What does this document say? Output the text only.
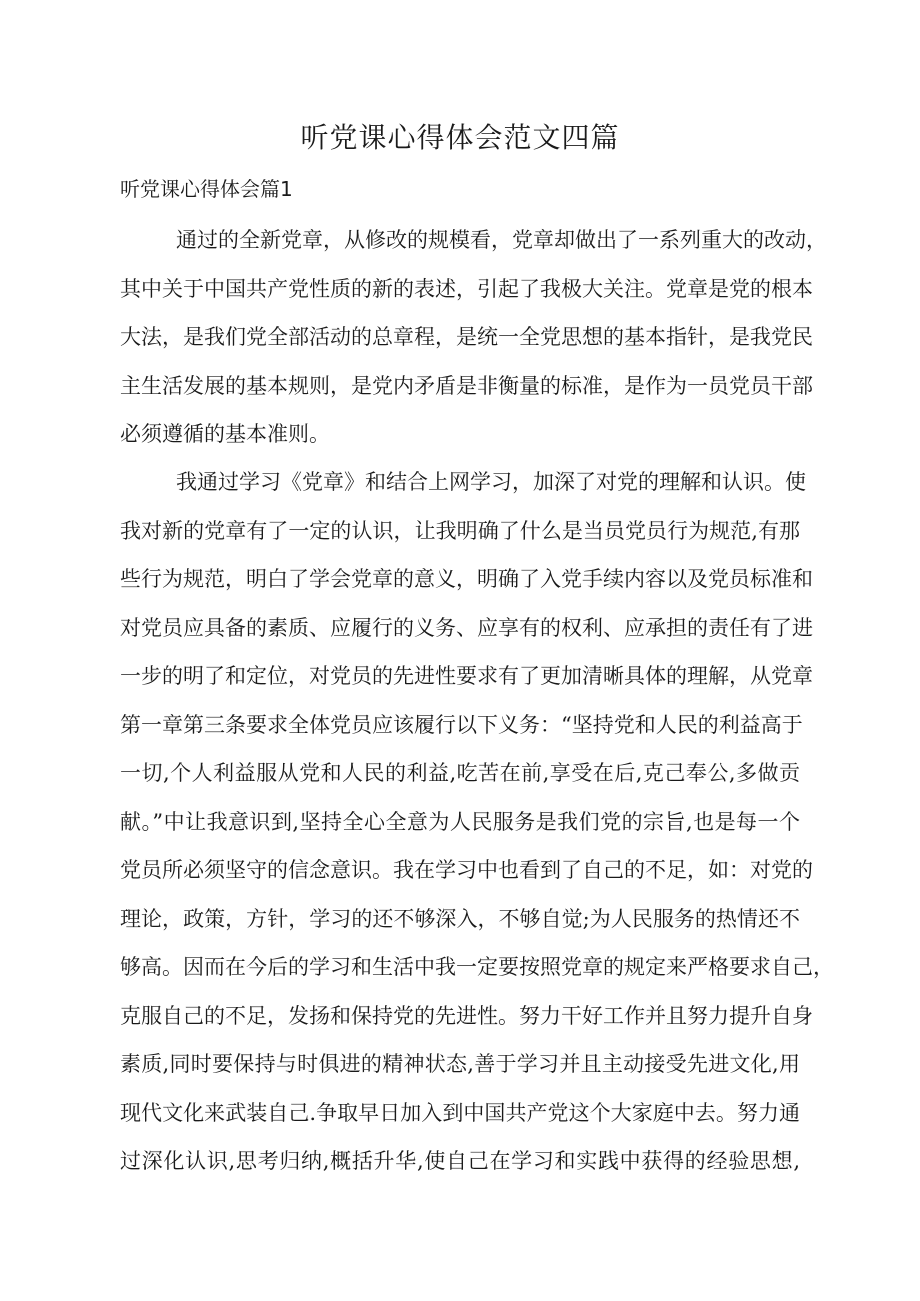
听党课心得体会范文四篇
听党课心得体会篇1
通过的全新党章，从修改的规模看，党章却做出了一系列重大的改动，
其中关于中国共产党性质的新的表述，引起了我极大关注。党章是党的根本
大法，是我们党全部活动的总章程，是统一全党思想的基本指针，是我党民
主生活发展的基本规则，是党内矛盾是非衡量的标准，是作为一员党员干部
必须遵循的基本准则。
我通过学习《党章》和结合上网学习，加深了对党的理解和认识。使
我对新的党章有了一定的认识，让我明确了什么是当员党员行为规范,有那
些行为规范，明白了学会党章的意义，明确了入党手续内容以及党员标准和
对党员应具备的素质、应履行的义务、应享有的权利、应承担的责任有了进
一步的明了和定位，对党员的先进性要求有了更加清晰具体的理解，从党章
第一章第三条要求全体党员应该履行以下义务：“坚持党和人民的利益高于
一切,个人利益服从党和人民的利益,吃苦在前,享受在后,克己奉公,多做贡
献。”中让我意识到,坚持全心全意为人民服务是我们党的宗旨,也是每一个
党员所必须坚守的信念意识。我在学习中也看到了自己的不足，如：对党的
理论，政策，方针，学习的还不够深入，不够自觉;为人民服务的热情还不
够高。因而在今后的学习和生活中我一定要按照党章的规定来严格要求自己，
克服自己的不足，发扬和保持党的先进性。努力干好工作并且努力提升自身
素质,同时要保持与时俱进的精神状态,善于学习并且主动接受先进文化,用
现代文化来武装自己.争取早日加入到中国共产党这个大家庭中去。努力通
过深化认识,思考归纳,概括升华,使自己在学习和实践中获得的经验思想,
